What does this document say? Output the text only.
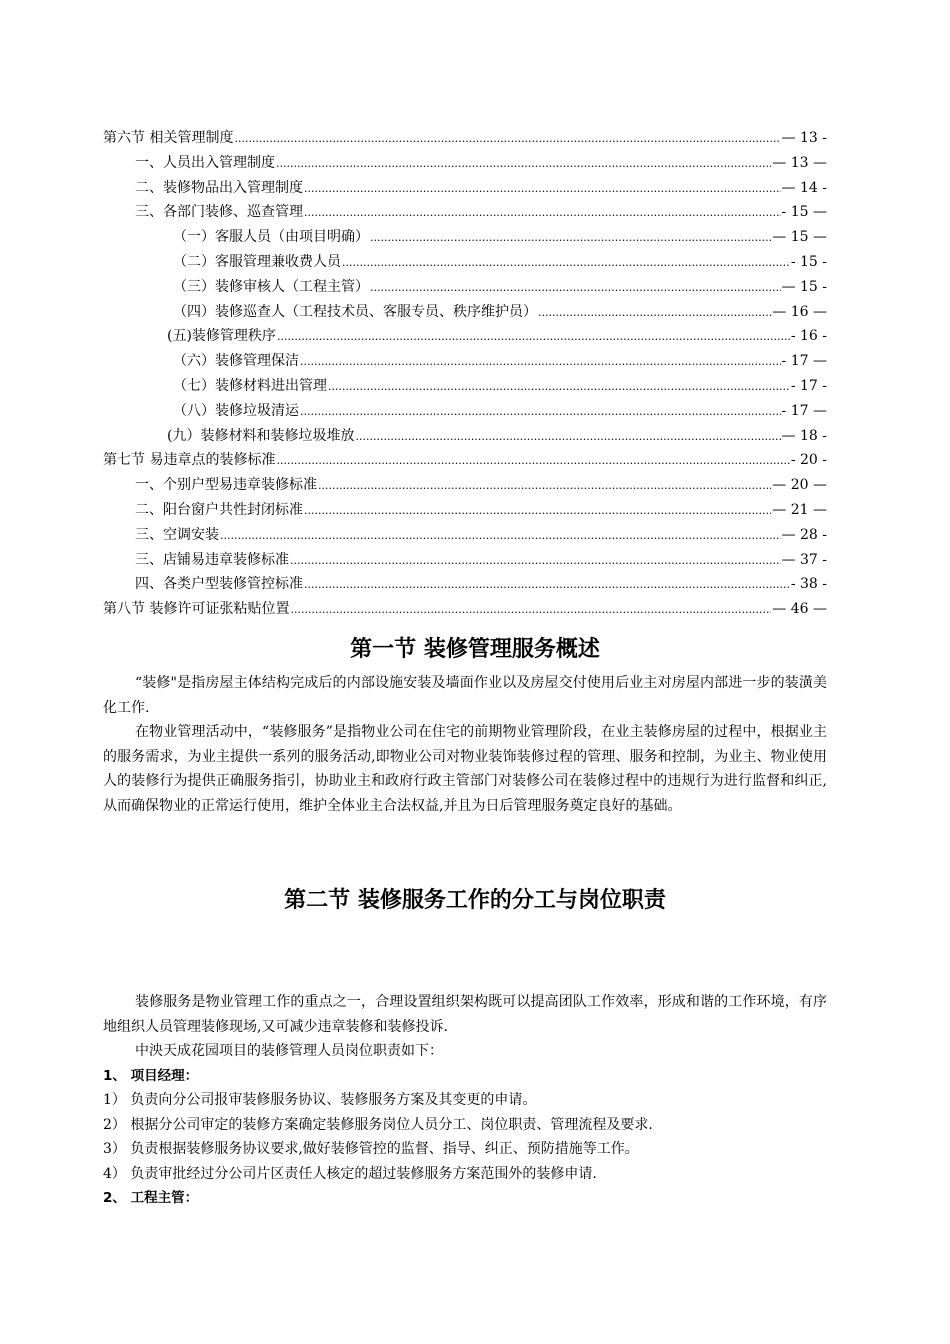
第六节 相关管理制度 .....	— 13 -
一、人员出入管理制度 .....	— 13 —
二、装修物品出入管理制度 .....	— 14 -
三、各部门装修、巡查管理 .....	- 15 —
（一）客服人员（由项目明确） .....	— 15 —
（二）客服管理兼收费人员 .....	- 15 -
（三）装修审核人（工程主管） .....	— 15 -
（四）装修巡查人（工程技术员、客服专员、秩序维护员） .....	— 16 —
(五)装修管理秩序 .....	- 16 -
（六）装修管理保洁 .....	- 17 —
（七）装修材料进出管理 .....	- 17 -
（八）装修垃圾清运 .....	- 17 —
(九）装修材料和装修垃圾堆放 .....	— 18 -
第七节 易违章点的装修标准 .....	- 20 -
一、个别户型易违章装修标准 .....	— 20 —
二、阳台窗户共性封闭标准 .....	— 21 —
三、空调安装 .....	— 28 -
三、店铺易违章装修标准 .....	— 37 -
四、各类户型装修管控标准 .....	- 38 -
第八节 装修许可证张粘贴位置 .....	— 46 —
第一节 装修管理服务概述

“装修"是指房屋主体结构完成后的内部设施安装及墙面作业以及房屋交付使用后业主对房屋内部进一步的装潢美化工作.

在物业管理活动中，“装修服务”是指物业公司在住宅的前期物业管理阶段，在业主装修房屋的过程中，根据业主的服务需求，为业主提供一系列的服务活动,即物业公司对物业装饰装修过程的管理、服务和控制，为业主、物业使用人的装修行为提供正确服务指引，协助业主和政府行政主管部门对装修公司在装修过程中的违规行为进行监督和纠正,从而确保物业的正常运行使用，维护全体业主合法权益,并且为日后管理服务奠定良好的基础。

第二节 装修服务工作的分工与岗位职责

装修服务是物业管理工作的重点之一，合理设置组织架构既可以提高团队工作效率，形成和谐的工作环境，有序地组织人员管理装修现场,又可减少违章装修和装修投诉.

中泱天成花园项目的装修管理人员岗位职责如下：

1、 项目经理：

1） 负责向分公司报审装修服务协议、装修服务方案及其变更的申请。

2） 根据分公司审定的装修方案确定装修服务岗位人员分工、岗位职责、管理流程及要求.

3） 负责根据装修服务协议要求,做好装修管控的监督、指导、纠正、预防措施等工作。

4） 负责审批经过分公司片区责任人核定的超过装修服务方案范围外的装修申请.

2、 工程主管：
